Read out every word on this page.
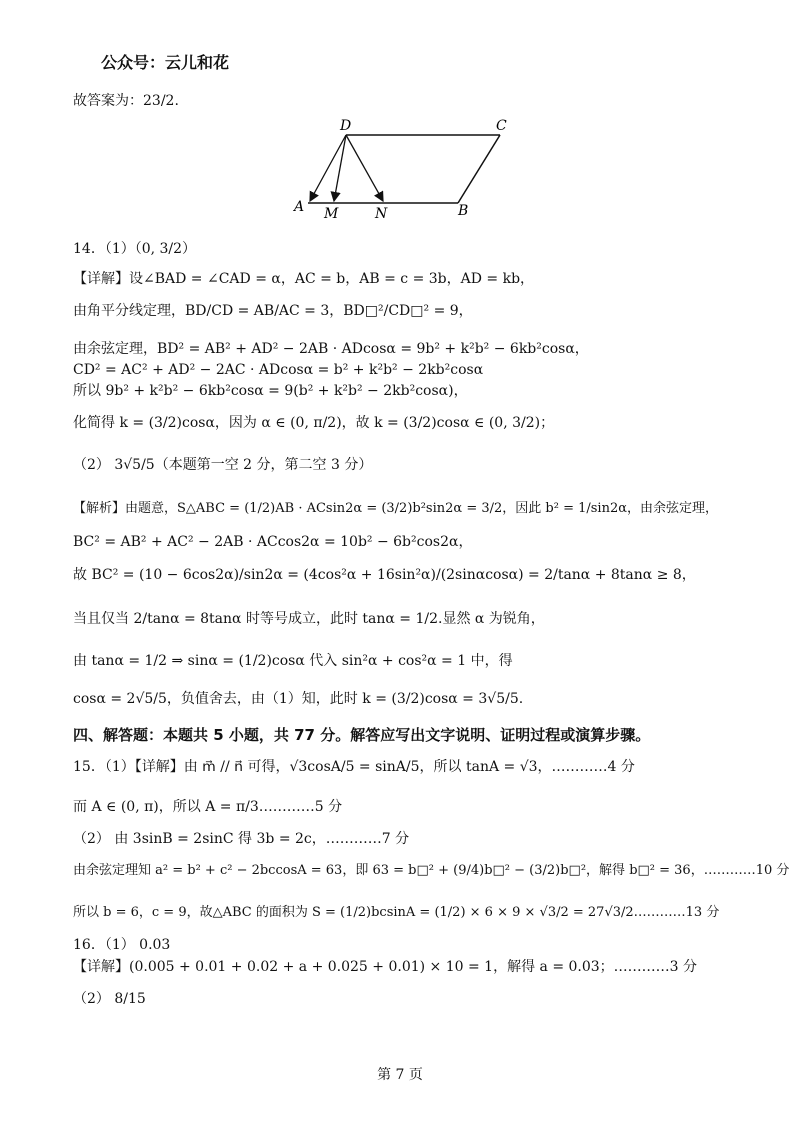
公众号：云儿和花
故答案为：23/2.
D	C
A M	N	B
14．（1）（0, 3/2）
【详解】设∠BAD = ∠CAD = α，AC = b，AB = c = 3b，AD = kb，
由角平分线定理，BD/CD = AB/AC = 3，BD□²/CD□² = 9，
由余弦定理，BD² = AB² + AD² − 2AB · ADcosα = 9b² + k²b² − 6kb²cosα，
CD² = AC² + AD² − 2AC · ADcosα = b² + k²b² − 2kb²cosα
所以 9b² + k²b² − 6kb²cosα = 9(b² + k²b² − 2kb²cosα)，
化简得 k = (3/2)cosα，因为 α ∈ (0, π/2)，故 k = (3/2)cosα ∈ (0, 3/2)；
（2） 3√5/5（本题第一空 2 分，第二空 3 分）
【解析】由题意，S△ABC = (1/2)AB · ACsin2α = (3/2)b²sin2α = 3/2，因此 b² = 1/sin2α，由余弦定理，
BC² = AB² + AC² − 2AB · ACcos2α = 10b² − 6b²cos2α，
故 BC² = (10 − 6cos2α)/sin2α = (4cos²α + 16sin²α)/(2sinαcosα) = 2/tanα + 8tanα ≥ 8，
当且仅当 2/tanα = 8tanα 时等号成立，此时 tanα = 1/2.显然 α 为锐角，
由 tanα = 1/2 ⇒ sinα = (1/2)cosα 代入 sin²α + cos²α = 1 中，得
cosα = 2√5/5，负值舍去，由（1）知，此时 k = (3/2)cosα = 3√5/5.
四、解答题：本题共 5 小题，共 77 分。解答应写出文字说明、证明过程或演算步骤。
15．（1）【详解】由 m⃗ // n⃗ 可得，√3cosA/5 = sinA/5，所以 tanA = √3，…………4 分
而 A ∈ (0, π)，所以 A = π/3…………5 分
（2） 由 3sinB = 2sinC 得 3b = 2c，…………7 分
由余弦定理知 a² = b² + c² − 2bccosA = 63，即 63 = b□² + (9/4)b□² − (3/2)b□²，解得 b□² = 36，…………10 分
所以 b = 6，c = 9，故△ABC 的面积为 S = (1/2)bcsinA = (1/2) × 6 × 9 × √3/2 = 27√3/2…………13 分
16．（1） 0.03
【详解】(0.005 + 0.01 + 0.02 + a + 0.025 + 0.01) × 10 = 1，解得 a = 0.03；…………3 分
（2） 8/15
第 7 页
